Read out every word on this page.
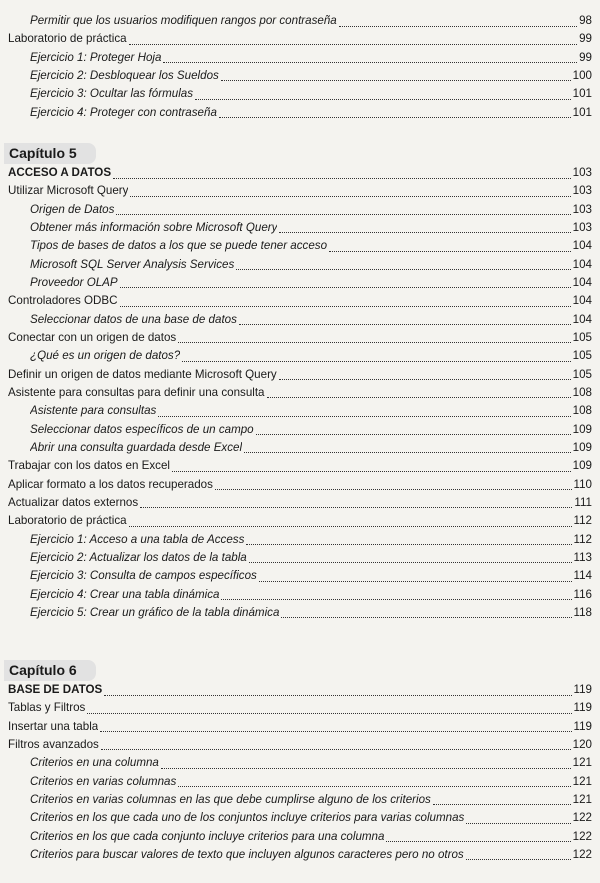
Permitir que los usuarios modifiquen rangos por contraseña	98
Laboratorio de práctica	99
Ejercicio 1: Proteger Hoja	99
Ejercicio 2: Desbloquear los Sueldos	100
Ejercicio 3: Ocultar las fórmulas	101
Ejercicio 4: Proteger con contraseña	101
Capítulo 5
ACCESO A DATOS	103
Utilizar Microsoft Query	103
Origen de Datos	103
Obtener más información sobre Microsoft Query	103
Tipos de bases de datos a los que se puede tener acceso	104
Microsoft SQL Server Analysis Services	104
Proveedor OLAP	104
Controladores ODBC	104
Seleccionar datos de una base de datos	104
Conectar con un origen de datos	105
¿Qué es un origen de datos?	105
Definir un origen de datos mediante Microsoft Query	105
Asistente para consultas para definir una consulta	108
Asistente para consultas	108
Seleccionar datos específicos de un campo	109
Abrir una consulta guardada desde Excel	109
Trabajar con los datos en Excel	109
Aplicar formato a los datos recuperados	110
Actualizar datos externos	111
Laboratorio de práctica	112
Ejercicio 1: Acceso a una tabla de Access	112
Ejercicio 2: Actualizar los datos de la tabla	113
Ejercicio 3: Consulta de campos específicos	114
Ejercicio 4: Crear una tabla dinámica	116
Ejercicio 5: Crear un gráfico de la tabla dinámica	118
Capítulo 6
BASE DE DATOS	119
Tablas y Filtros	119
Insertar una tabla	119
Filtros avanzados	120
Criterios en una columna	121
Criterios en varias columnas	121
Criterios en varias columnas en las que debe cumplirse alguno de los criterios	121
Criterios en los que cada uno de los conjuntos incluye criterios para varias columnas	122
Criterios en los que cada conjunto incluye criterios para una columna	122
Criterios para buscar valores de texto que incluyen algunos caracteres pero no otros	122
